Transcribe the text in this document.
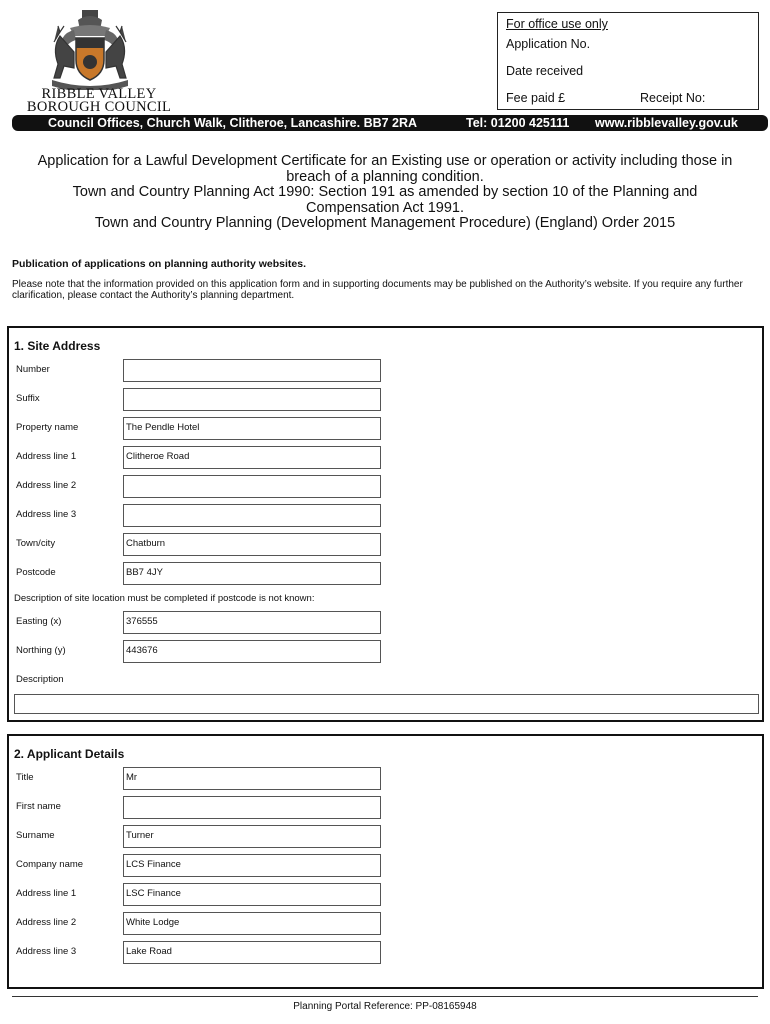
RIBBLE VALLEY
BOROUGH COUNCIL
For office use only
Application No.
Date received
Fee paid £	Receipt No:
Council Offices, Church Walk, Clitheroe, Lancashire. BB7 2RA	Tel: 01200 425111 www.ribblevalley.gov.uk
Application for a Lawful Development Certificate for an Existing use or operation or activity including those in
breach of a planning condition.
Town and Country Planning Act 1990: Section 191 as amended by section 10 of the Planning and
Compensation Act 1991.
Town and Country Planning (Development Management Procedure) (England) Order 2015
Publication of applications on planning authority websites.
Please note that the information provided on this application form and in supporting documents may be published on the Authority’s website. If you require any further clarification, please contact the Authority’s planning department.
1. Site Address
Number
Suffix
Property name	The Pendle Hotel
Address line 1	Clitheroe Road
Address line 2
Address line 3
Town/city	Chatburn
Postcode	BB7 4JY
Description of site location must be completed if postcode is not known:
Easting (x)	376555
Northing (y)	443676
Description
2. Applicant Details
Title	Mr
First name
Surname	Turner
Company name	LCS Finance
Address line 1	LSC Finance
Address line 2	White Lodge
Address line 3	Lake Road
Planning Portal Reference: PP-08165948
